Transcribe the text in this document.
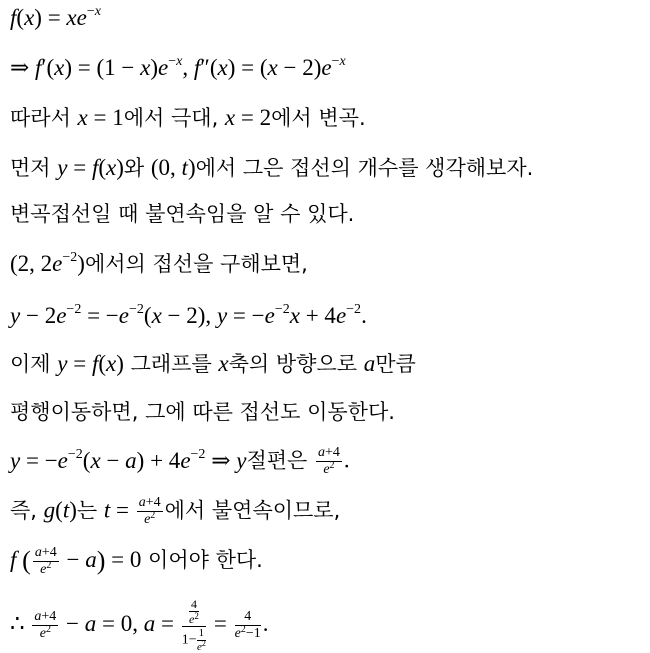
$f(x) = xe^{-x}$
⇒ $f'(x) = (1 - x)e^{-x}$, $f''(x) = (x - 2)e^{-x}$
따라서 x = 1에서 극대, x = 2에서 변곡.
먼저 y = f(x)와 (0, t)에서 그은 접선의 개수를 생각해보자.
변곡접선일 때 불연속임을 알 수 있다.
(2, $2e^{-2}$)에서의 접선을 구해보면,
$y - 2e^{-2} = -e^{-2}(x - 2)$, $y = -e^{-2}x + 4e^{-2}$.
이제 y = f(x) 그래프를 x축의 방향으로 a만큼
평행이동하면, 그에 따른 접선도 이동한다.
$y = -e^{-2}(x - a) + 4e^{-2}$ ⇒ y절편은 $\frac{a+4}{e^2}$ .
즉, g(t)는 $t = \frac{a+4}{e^2}$ 에서 불연속이므로,
f ( $\frac{a+4}{e^2} - a) = 0$ 이어야 한다.
∴ $\frac{a+4}{e^2} - a = 0$, $a = \frac{\frac{4}{e^2}}{1- \frac{1}{e^2}} = \frac{4}{e^2-1}$ .
